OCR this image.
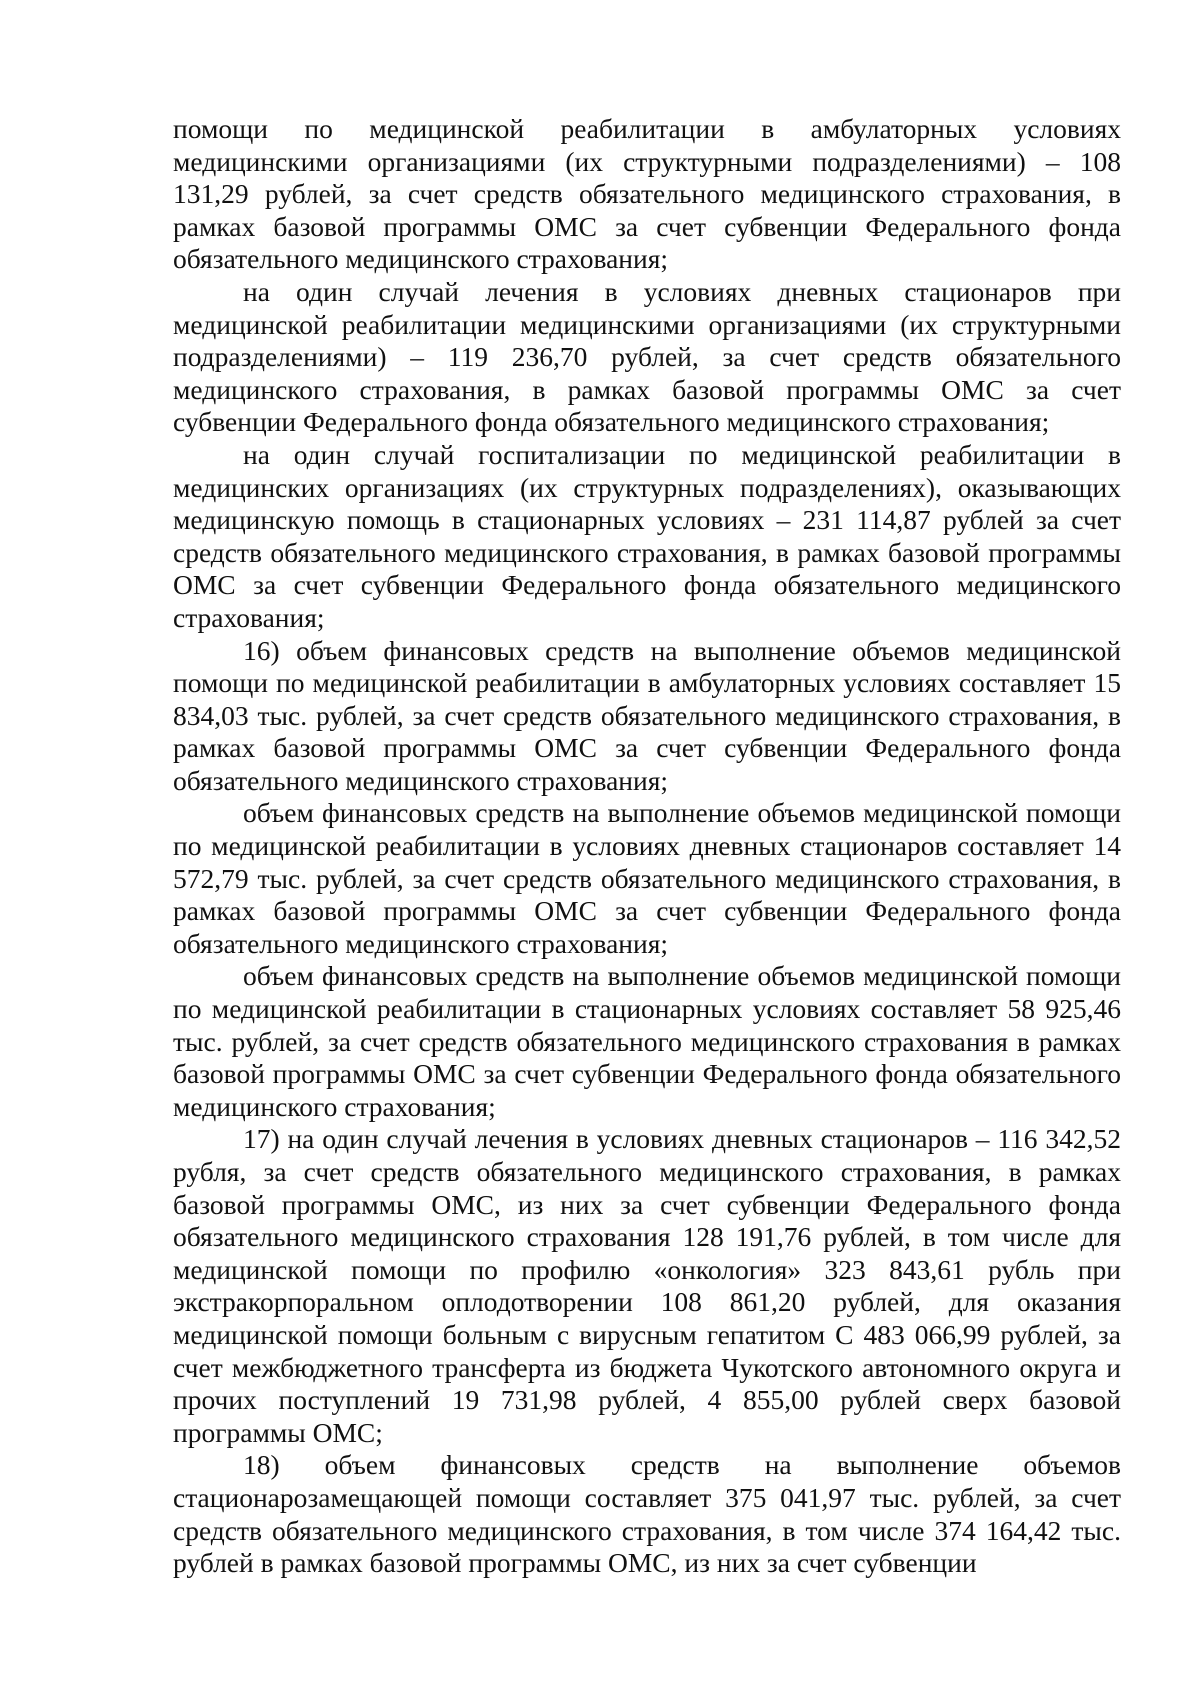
помощи по медицинской реабилитации в амбулаторных условиях медицинскими организациями (их структурными подразделениями) – 108 131,29 рублей, за счет средств обязательного медицинского страхования, в рамках базовой программы ОМС за счет субвенции Федерального фонда обязательного медицинского страхования;

на один случай лечения в условиях дневных стационаров при медицинской реабилитации медицинскими организациями (их структурными подразделениями) – 119 236,70 рублей, за счет средств обязательного медицинского страхования, в рамках базовой программы ОМС за счет субвенции Федерального фонда обязательного медицинского страхования;

на один случай госпитализации по медицинской реабилитации в медицинских организациях (их структурных подразделениях), оказывающих медицинскую помощь в стационарных условиях – 231 114,87 рублей за счет средств обязательного медицинского страхования, в рамках базовой программы ОМС за счет субвенции Федерального фонда обязательного медицинского страхования;

16) объем финансовых средств на выполнение объемов медицинской помощи по медицинской реабилитации в амбулаторных условиях составляет 15 834,03 тыс. рублей, за счет средств обязательного медицинского страхования, в рамках базовой программы ОМС за счет субвенции Федерального фонда обязательного медицинского страхования;

объем финансовых средств на выполнение объемов медицинской помощи по медицинской реабилитации в условиях дневных стационаров составляет 14 572,79 тыс. рублей, за счет средств обязательного медицинского страхования, в рамках базовой программы ОМС за счет субвенции Федерального фонда обязательного медицинского страхования;

объем финансовых средств на выполнение объемов медицинской помощи по медицинской реабилитации в стационарных условиях составляет 58 925,46 тыс. рублей, за счет средств обязательного медицинского страхования в рамках базовой программы ОМС за счет субвенции Федерального фонда обязательного медицинского страхования;

17) на один случай лечения в условиях дневных стационаров – 116 342,52 рубля, за счет средств обязательного медицинского страхования, в рамках базовой программы ОМС, из них за счет субвенции Федерального фонда обязательного медицинского страхования 128 191,76 рублей, в том числе для медицинской помощи по профилю «онкология» 323 843,61 рубль при экстракорпоральном оплодотворении 108 861,20 рублей, для оказания медицинской помощи больным с вирусным гепатитом С 483 066,99 рублей, за счет межбюджетного трансферта из бюджета Чукотского автономного округа и прочих поступлений 19 731,98 рублей, 4 855,00 рублей сверх базовой программы ОМС;

18) объем финансовых средств на выполнение объемов стационарозамещающей помощи составляет 375 041,97 тыс. рублей, за счет средств обязательного медицинского страхования, в том числе 374 164,42 тыс. рублей в рамках базовой программы ОМС, из них за счет субвенции
